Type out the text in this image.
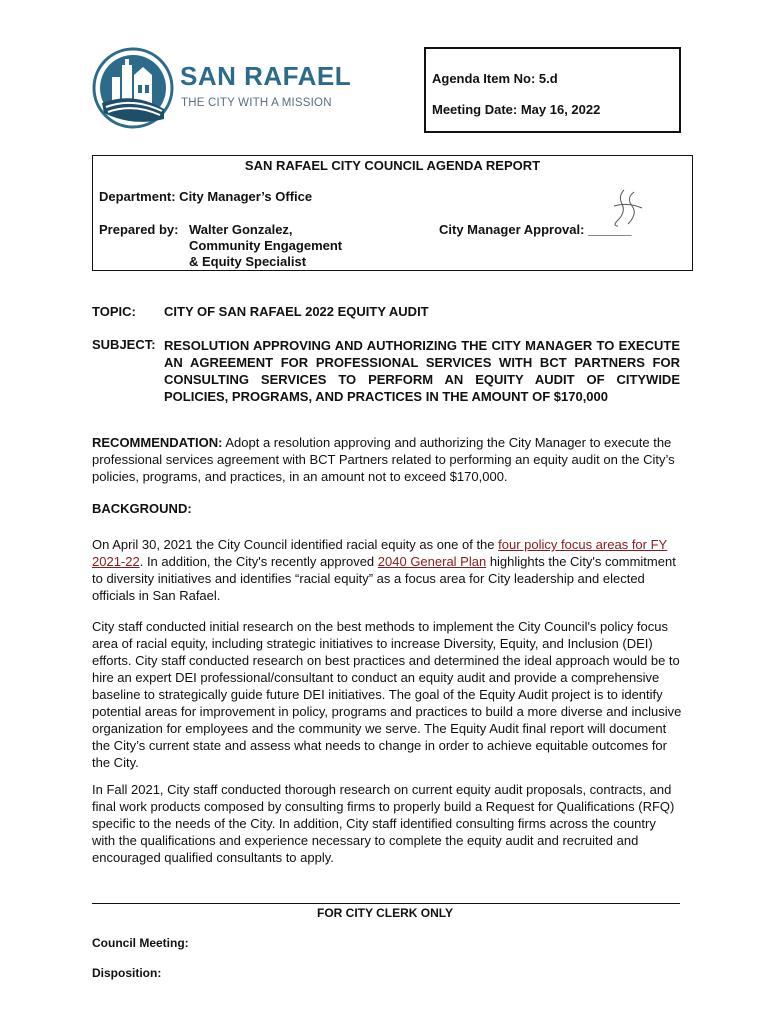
SAN RAFAEL
THE CITY WITH A MISSION
Agenda Item No: 5.d
Meeting Date: May 16, 2022
SAN RAFAEL CITY COUNCIL AGENDA REPORT
Department: City Manager’s Office
Prepared by: Walter Gonzalez,
Community Engagement
& Equity Specialist
City Manager Approval: ______
TOPIC: CITY OF SAN RAFAEL 2022 EQUITY AUDIT
SUBJECT: RESOLUTION APPROVING AND AUTHORIZING THE CITY MANAGER TO EXECUTE AN AGREEMENT FOR PROFESSIONAL SERVICES WITH BCT PARTNERS FOR CONSULTING SERVICES TO PERFORM AN EQUITY AUDIT OF CITYWIDE POLICIES, PROGRAMS, AND PRACTICES IN THE AMOUNT OF $170,000

RECOMMENDATION: Adopt a resolution approving and authorizing the City Manager to execute the professional services agreement with BCT Partners related to performing an equity audit on the City’s policies, programs, and practices, in an amount not to exceed $170,000.

BACKGROUND:

On April 30, 2021 the City Council identified racial equity as one of the four policy focus areas for FY 2021-22. In addition, the City's recently approved 2040 General Plan highlights the City's commitment to diversity initiatives and identifies “racial equity” as a focus area for City leadership and elected officials in San Rafael.

City staff conducted initial research on the best methods to implement the City Council's policy focus area of racial equity, including strategic initiatives to increase Diversity, Equity, and Inclusion (DEI) efforts. City staff conducted research on best practices and determined the ideal approach would be to hire an expert DEI professional/consultant to conduct an equity audit and provide a comprehensive baseline to strategically guide future DEI initiatives. The goal of the Equity Audit project is to identify potential areas for improvement in policy, programs and practices to build a more diverse and inclusive organization for employees and the community we serve. The Equity Audit final report will document the City’s current state and assess what needs to change in order to achieve equitable outcomes for the City.

In Fall 2021, City staff conducted thorough research on current equity audit proposals, contracts, and final work products composed by consulting firms to properly build a Request for Qualifications (RFQ) specific to the needs of the City. In addition, City staff identified consulting firms across the country with the qualifications and experience necessary to complete the equity audit and recruited and encouraged qualified consultants to apply.

FOR CITY CLERK ONLY
Council Meeting:
Disposition:
